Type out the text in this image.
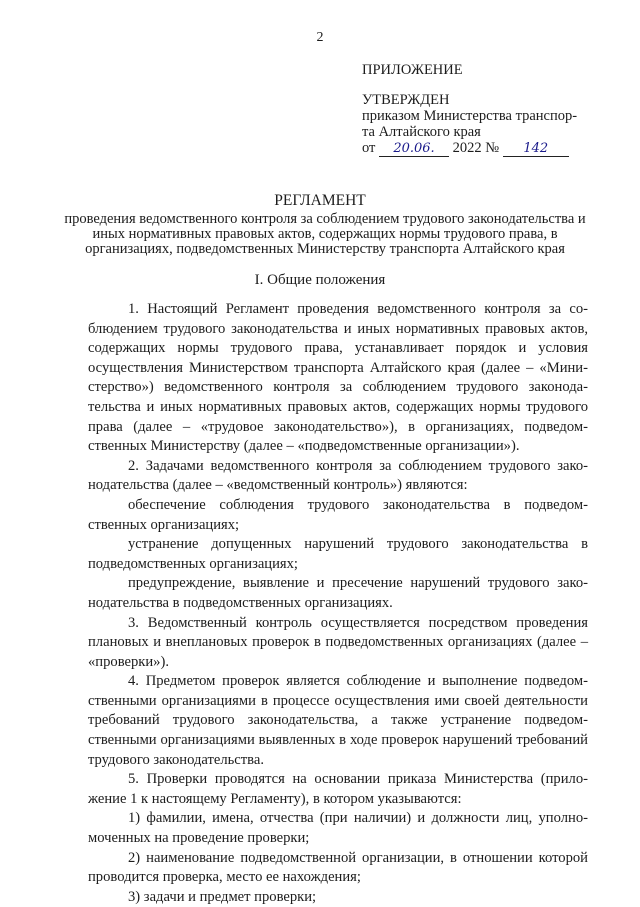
2
ПРИЛОЖЕНИЕ
УТВЕРЖДЕН
приказом Министерства транспор-
та Алтайского края
от 20.06. 2022 № 142
РЕГЛАМЕНТ
проведения ведомственного контроля за соблюдением трудового законодательства и иных нормативных правовых актов, содержащих нормы трудового права, в организациях, подведомственных Министерству транспорта Алтайского края
I. Общие положения

1. Настоящий Регламент проведения ведомственного контроля за соблюдением трудового законодательства и иных нормативных правовых актов, содержащих нормы трудового права, устанавливает порядок и условия осуществления Министерством транспорта Алтайского края (далее – «Министерство») ведомственного контроля за соблюдением трудового законодательства и иных нормативных правовых актов, содержащих нормы трудового права (далее – «трудовое законодательство»), в организациях, подведомственных Министерству (далее – «подведомственные организации»).

2. Задачами ведомственного контроля за соблюдением трудового законодательства (далее – «ведомственный контроль») являются:

обеспечение соблюдения трудового законодательства в подведомственных организациях;

устранение допущенных нарушений трудового законодательства в подведомственных организациях;

предупреждение, выявление и пресечение нарушений трудового законодательства в подведомственных организациях.

3. Ведомственный контроль осуществляется посредством проведения плановых и внеплановых проверок в подведомственных организациях (далее – «проверки»).

4. Предметом проверок является соблюдение и выполнение подведомственными организациями в процессе осуществления ими своей деятельности требований трудового законодательства, а также устранение подведомственными организациями выявленных в ходе проверок нарушений требований трудового законодательства.

5. Проверки проводятся на основании приказа Министерства (приложение 1 к настоящему Регламенту), в котором указываются:

1) фамилии, имена, отчества (при наличии) и должности лиц, уполномоченных на проведение проверки;

2) наименование подведомственной организации, в отношении которой проводится проверка, место ее нахождения;

3) задачи и предмет проверки;
